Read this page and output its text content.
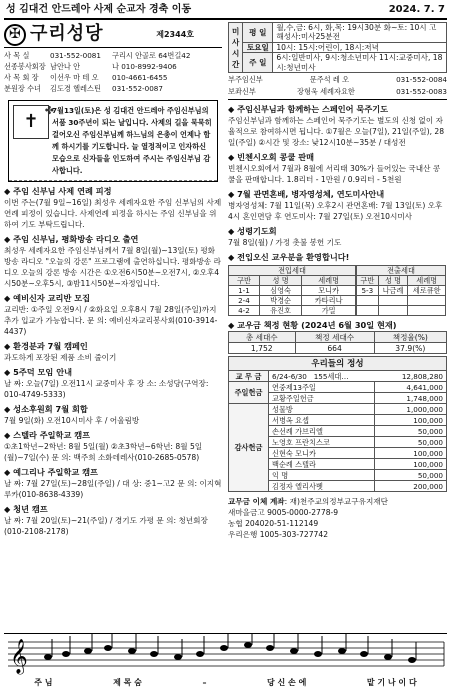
성 김대건 안드레아 사제 순교자 경축 이동	2024. 7. 7
✠ 구리성당	제2344호
사 목 실	031-552-0081	구리시 안골로 64번길42
선종봉사회장 남안나 안	나 010-8992-9406
사 목 회 장	이선우 마 테 오	010-4661-6455
분원장 수녀	김도경 헬레스틴	031-552-0087
✝
✤

7월13일(토)은 성 김대건 안드레아 주임신부님의 서품 30주년이 되는 날입니다. 사제의 길을 묵묵히 걸어오신 주임신부님께 하느님의 은총이 언제나 함께 하시기를 기도합니다. 늘 열정적이고 인자하신 모습으로 신자들을 인도하여 주시는 주임신부님 감사합니다.

◆ 주임 신부님 사제 연례 피정
이번 주는(7월 9일~16일) 최성우 세례자요한 주임 신부님의 사제 연례 피정이 있습니다. 사제연례 피정을 하시는 주임 신부님을 위하여 기도 부탁드립니다.
◆ 주임 신부님, 평화방송 라디오 출연
최성우 세례자요한 주임신부님께서 7월 8일(월)~13일(토) 평화방송 라디오 "오늘의 강론" 프로그램에 출연하십니다. 평화방송 라디오 오늘의 강론 방송 시간은 ①오전6시50분~오전7시, ②오후4시50분~오후5시, ③밤11시50분~자정입니다.
◆ 예비신자 교리반 모집
교리반: ①주일 오전9시 / ②화요일 오후8시 7월 28일(주일)까지 추가 입교가 가능합니다. 문 의: 예비신자교리봉사회(010-3914-4437)
◆ 환경분과 7월 캠페인
과도하게 포장된 제품 소비 줄이기
◆ 5주덕 모임 안내
날 짜: 오늘(7일) 오전11시 교중미사 후 장 소: 소성당(구역장: 010-4749-5333)
◆ 성소후원회 7월 회합
7월 9일(화) 오전10시미사 후 / 어울림방
◆ 스텔라 주일학교 캠프
①초1학년~2학년: 8월 5일(월) ②초3학년~6학년: 8월 5일(월)~7일(수) 문 의: 백주희 소화데레사(010-2685-0578)
◆ 예그리나 주일학교 캠프
날 짜: 7월 27일(토)~28일(주일) / 대 상: 중1~고2 문 의: 이지혁 루카(010-8638-4339)
◆ 청년 캠프
날 짜: 7월 20일(토)~21(주일) / 경기도 가평 문 의: 청년회장(010-2108-2178)
미사시간	평 일	월,수,금: 6시, 화,목: 19시30분 화~토: 10시 고해성사:미사25분전
	토요일	10시: 15시:어린이, 18시:저녁
	주 일	6시:일반미사, 9시:청소년미사 11시:교중미사, 18시:청년미사
부주임신부	문주석 레 오	031-552-0084
보좌신부	장형욱 세례자요한	031-552-0083
◆ 주임신부님과 함께하는 스페인어 묵주기도
주임신부님과 함께하는 스페인어 묵주기도는 별도의 신청 없이 자율적으로 참여하시면 됩니다. ①7월은 오늘(7일), 21일(주일), 28일(주일) ②시간 및 장소: 낮12시10분~35분 / 대성전
◆ 빈첸시오회 콩쿨 판매
빈첸시오회에서 7월과 8월에 서리태 30%가 들어있는 국내산 콩쿨을 판매합니다. 1.8리터 - 1만원 / 0.9리터 - 5천원
◆ 7월 관면혼배, 병자영성체, 연도미사안내
병자영성체: 7월 11일(목) 오후2시 관면혼배: 7월 13일(토) 오후4시 혼인면담 후 연도미사: 7월 27일(토) 오전10시미사
◆ 성령기도회
7월 8일(월) / 가정 촛불 봉헌 기도
◆ 전입오신 교우분을 환영합니다!
전입세대		
구반	성 명	세례명
1-1	심영숙	모니카
2-4	박경순	카타리나
4-2	유진호	가밀
전출세대		
구반	성 명	세례명
5-3	나금례	세로큐한

◆ 교우금 책정 현황 (2024년 6월 30일 현재)
총 세대수	책정 세대수	책정율(%)
1,752	664	37.9(%)
우리들의 정성		
교 무 금	6/24-6/30 155세대… 12,808,280	

주일헌금	연중제13주일	4,641,000
	교황주일헌금	1,748,000
감사헌금	성물방	1,000,000
	서병옥 요셉	100,000
	손선례 가브리엘	50,000
	노영호 프란치스코	50,000
	신현숙 모니카	100,000
	백순례 스텔라	100,000
	익 명	50,000
	김정자 엘리사벳	200,000
교무금 이체 계좌: 재)천주교의정부교구유지재단
새마을금고 9005-0000-2778-9
농협 204020-51-112149
우리은행 1005-303-727742
𝄞
주 님	제 목 숨	–	당 신 손 에	맡 기 나 이 다
